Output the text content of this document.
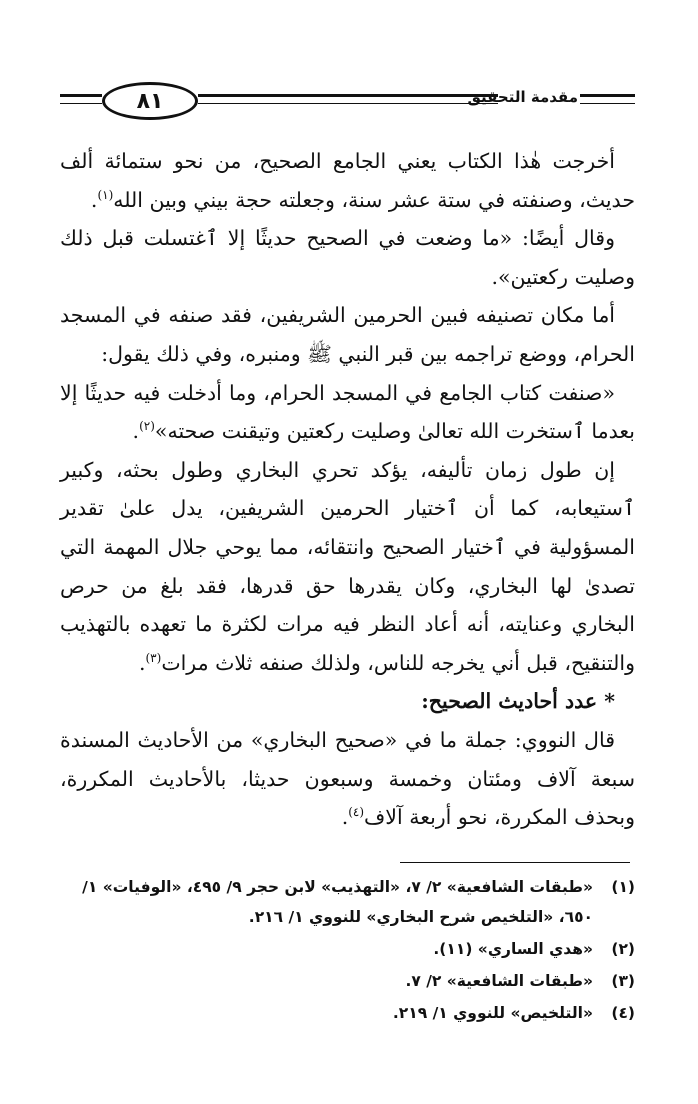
٨١	مقدمة التحقيق

أخرجت هٰذا الكتاب يعني الجامع الصحيح، من نحو ستمائة ألف حديث، وصنفته في ستة عشر سنة، وجعلته حجة بيني وبين الله$^{(١)}$.

وقال أيضًا: «ما وضعت في الصحيح حديثًا إلا ٱغتسلت قبل ذلك وصليت ركعتين».

أما مكان تصنيفه فبين الحرمين الشريفين، فقد صنفه في المسجد الحرام، ووضع تراجمه بين قبر النبي ﷺ ومنبره، وفي ذلك يقول:

«صنفت كتاب الجامع في المسجد الحرام، وما أدخلت فيه حديثًا إلا بعدما ٱستخرت الله تعالىٰ وصليت ركعتين وتيقنت صحته»$^{(٢)}$.

إن طول زمان تأليفه، يؤكد تحري البخاري وطول بحثه، وكبير ٱستيعابه، كما أن ٱختيار الحرمين الشريفين، يدل علىٰ تقدير المسؤولية في ٱختيار الصحيح وانتقائه، مما يوحي جلال المهمة التي تصدىٰ لها البخاري، وكان يقدرها حق قدرها، فقد بلغ من حرص البخاري وعنايته، أنه أعاد النظر فيه مرات لكثرة ما تعهده بالتهذيب والتنقيح، قبل أني يخرجه للناس، ولذلك صنفه ثلاث مرات$^{(٣)}$.

* عدد أحاديث الصحيح:

قال النووي: جملة ما في «صحيح البخاري» من الأحاديث المسندة سبعة آلاف ومئتان وخمسة وسبعون حديثا، بالأحاديث المكررة، وبحذف المكررة، نحو أربعة آلاف$^{(٤)}$.

(١)
«طبقات الشافعية» ٢/ ٧، «التهذيب» لابن حجر ٩/ ٤٩٥، «الوفيات» ١/ ٦٥٠، «التلخيص شرح البخاري» للنووي ١/ ٢١٦.
(٢)
«هدي الساري» (١١).
(٣)
«طبقات الشافعية» ٢/ ٧.
(٤)
«التلخيص» للنووي ١/ ٢١٩.
